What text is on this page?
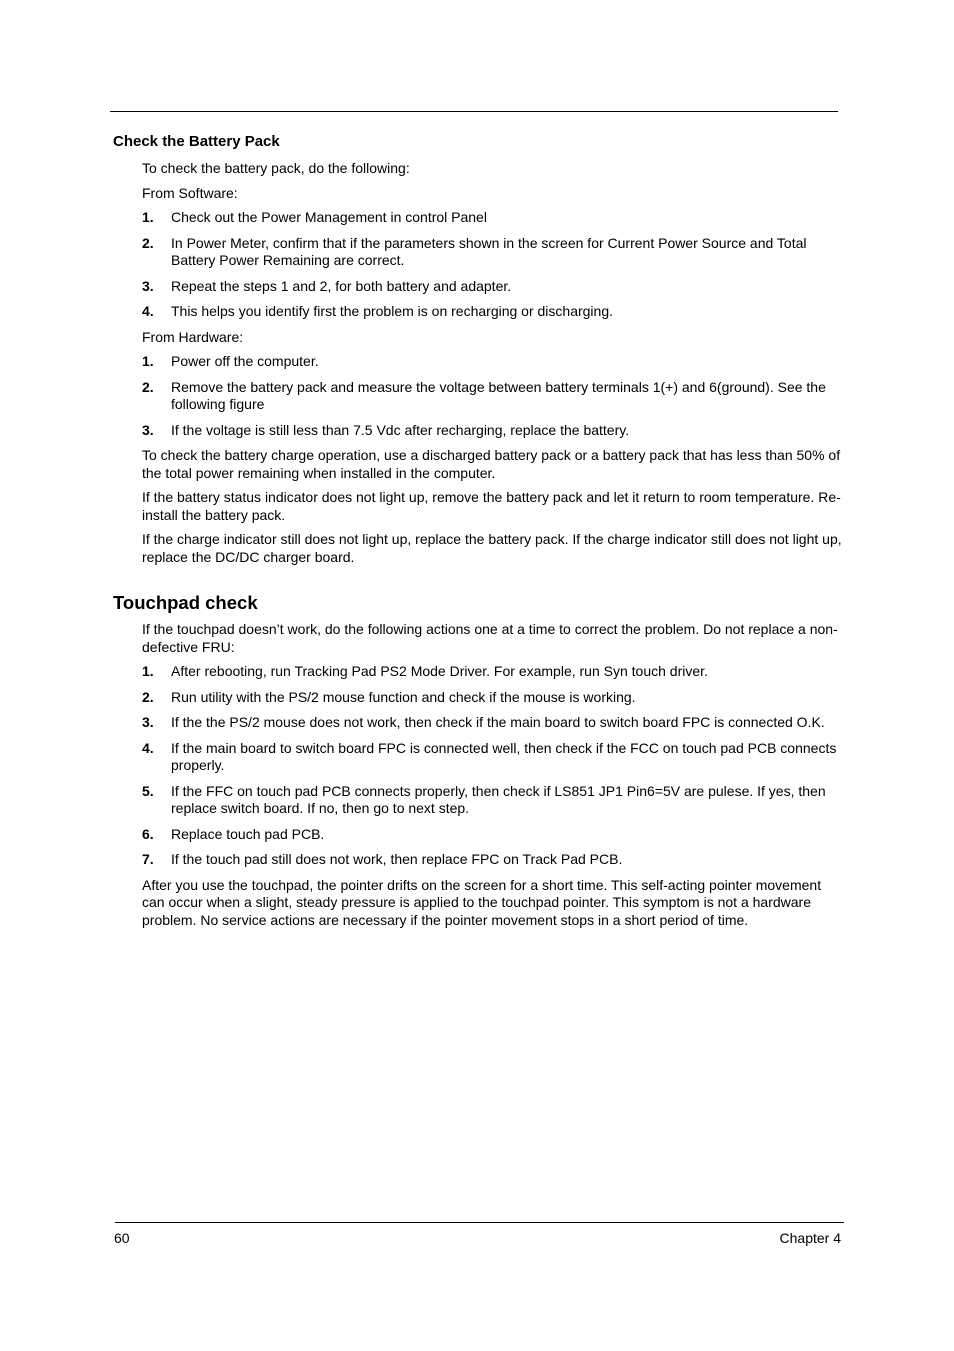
Check the Battery Pack
To check the battery pack, do the following:
From Software:
1.	Check out the Power Management in control Panel
2.	In Power Meter, confirm that if the parameters shown in the screen for Current Power Source and Total Battery Power Remaining are correct.
3.	Repeat the steps 1 and 2, for both battery and adapter.
4.	This helps you identify first the problem is on recharging or discharging.
From Hardware:
1.	Power off the computer.
2.	Remove the battery pack and measure the voltage between battery terminals 1(+) and 6(ground). See the following figure
3.	If the voltage is still less than 7.5 Vdc after recharging, replace the battery.
To check the battery charge operation, use a discharged battery pack or a battery pack that has less than 50% of the total power remaining when installed in the computer.
If the battery status indicator does not light up, remove the battery pack and let it return to room temperature. Re-install the battery pack.
If the charge indicator still does not light up, replace the battery pack. If the charge indicator still does not light up, replace the DC/DC charger board.
Touchpad check
If the touchpad doesn’t work, do the following actions one at a time to correct the problem. Do not replace a non-defective FRU:
1.	After rebooting, run Tracking Pad PS2 Mode Driver. For example, run Syn touch driver.
2.	Run utility with the PS/2 mouse function and check if the mouse is working.
3.	If the the PS/2 mouse does not work, then check if the main board to switch board FPC is connected O.K.
4.	If the main board to switch board FPC is connected well, then check if the FCC on touch pad PCB connects properly.
5.	If the FFC on touch pad PCB connects properly, then check if LS851 JP1 Pin6=5V are pulese. If yes, then replace switch board. If no, then go to next step.
6.	Replace touch pad PCB.
7.	If the touch pad still does not work, then replace FPC on Track Pad PCB.
After you use the touchpad, the pointer drifts on the screen for a short time. This self-acting pointer movement can occur when a slight, steady pressure is applied to the touchpad pointer. This symptom is not a hardware problem. No service actions are necessary if the pointer movement stops in a short period of time.
60	Chapter 4
